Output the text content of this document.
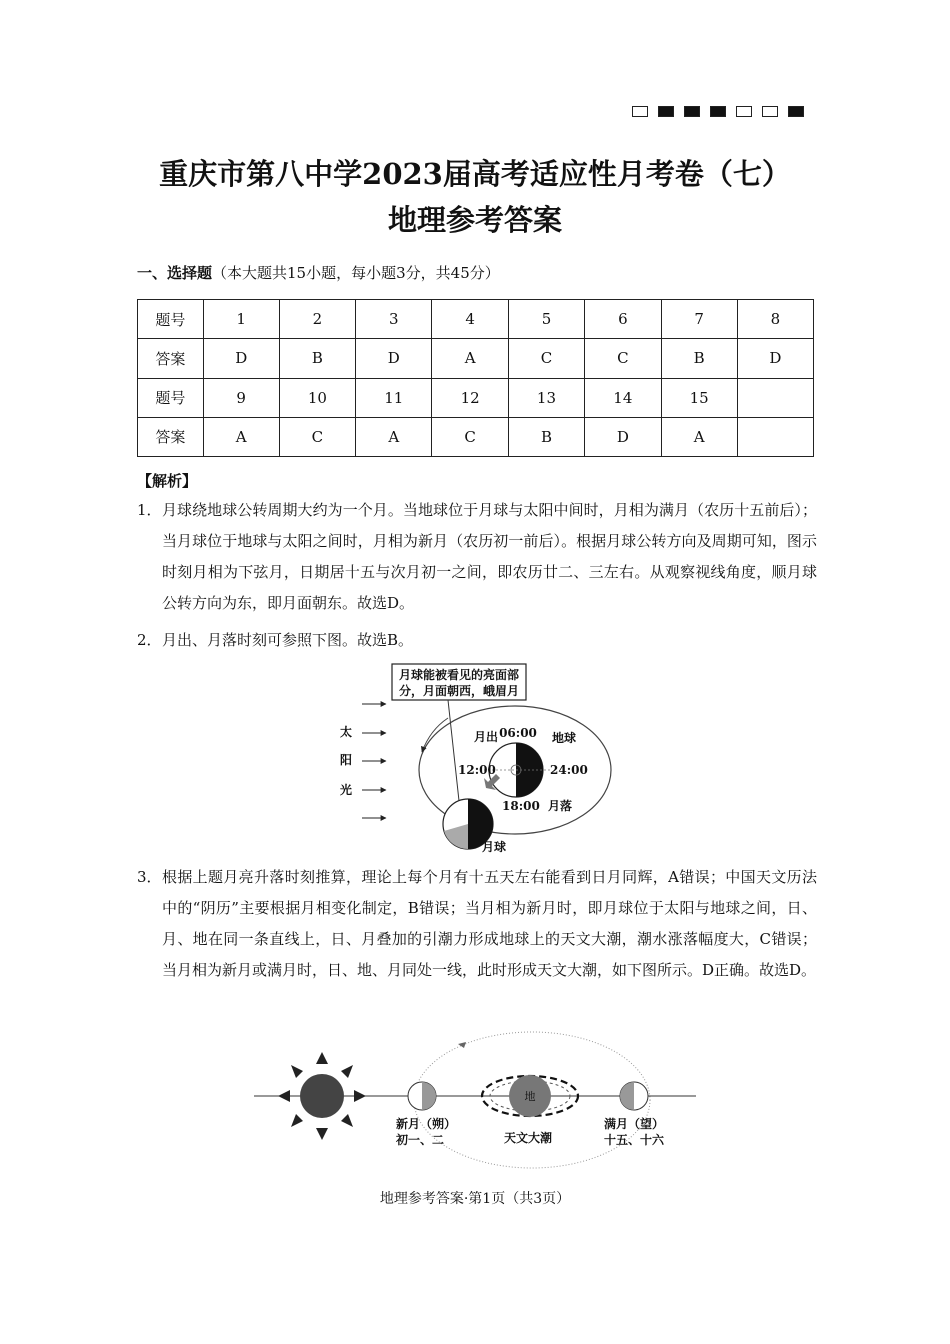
重庆市第八中学2023届高考适应性月考卷（七）
地理参考答案
一、选择题（本大题共15小题，每小题3分，共45分）
题号	1	2	3	4	5	6	7	8
答案	D	B	D	A	C	C	B	D
题号	9	10	11	12	13	14	15	
答案	A	C	A	C	B	D	A	
【解析】
1． 月球绕地球公转周期大约为一个月。当地球位于月球与太阳中间时，月相为满月（农历十五前后）；当月球位于地球与太阳之间时，月相为新月（农历初一前后）。根据月球公转方向及周期可知，图示时刻月相为下弦月，日期居十五与次月初一之间，即农历廿二、三左右。从观察视线角度，顺月球公转方向为东，即月面朝东。故选D。
2． 月出、月落时刻可参照下图。故选B。
月球能被看见的亮面部
分，月面朝西，峨眉月
太
阳
光
06:00
月出	地球
12:00	24:00
18:00 月落
月球
3． 根据上题月亮升落时刻推算，理论上每个月有十五天左右能看到日月同辉，A错误；中国天文历法中的“阴历”主要根据月相变化制定，B错误；当月相为新月时，即月球位于太阳与地球之间，日、月、地在同一条直线上，日、月叠加的引潮力形成地球上的天文大潮，潮水涨落幅度大，C错误；当月相为新月或满月时，日、地、月同处一线，此时形成天文大潮，如下图所示。D正确。故选D。
地
新月（朔）
初一、二	天文大潮
满月（望）
十五、十六
地理参考答案·第1页（共3页）
